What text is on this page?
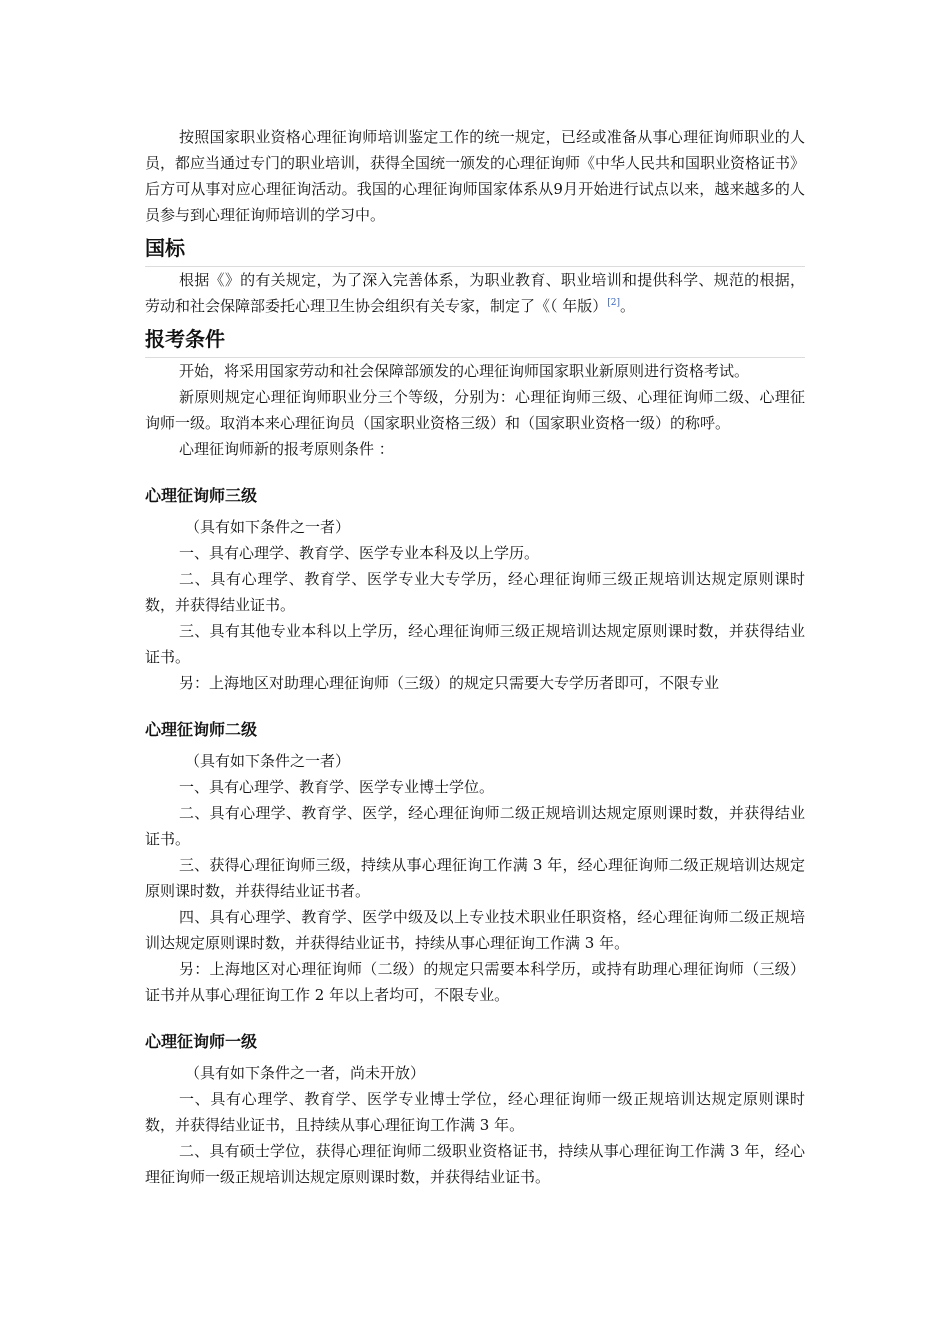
按照国家职业资格心理征询师培训鉴定工作的统一规定，已经或准备从事心理征询师职业的人员，都应当通过专门的职业培训，获得全国统一颁发的心理征询师《中华人民共和国职业资格证书》后方可从事对应心理征询活动。我国的心理征询师国家体系从9月开始进行试点以来，越来越多的人员参与到心理征询师培训的学习中。

国标

根据《》的有关规定，为了深入完善体系，为职业教育、职业培训和提供科学、规范的根据，劳动和社会保障部委托心理卫生协会组织有关专家，制定了《（ 年版）[2]。

报考条件

开始，将采用国家劳动和社会保障部颁发的心理征询师国家职业新原则进行资格考试。

新原则规定心理征询师职业分三个等级，分别为：心理征询师三级、心理征询师二级、心理征询师一级。取消本来心理征询员（国家职业资格三级）和（国家职业资格一级）的称呼。

心理征询师新的报考原则条件 ：

心理征询师三级

（具有如下条件之一者）

一、具有心理学、教育学、医学专业本科及以上学历。

二、具有心理学、教育学、医学专业大专学历，经心理征询师三级正规培训达规定原则课时数，并获得结业证书。

三、具有其他专业本科以上学历，经心理征询师三级正规培训达规定原则课时数，并获得结业证书。

另：上海地区对助理心理征询师（三级）的规定只需要大专学历者即可，不限专业

心理征询师二级

（具有如下条件之一者）

一、具有心理学、教育学、医学专业博士学位。

二、具有心理学、教育学、医学，经心理征询师二级正规培训达规定原则课时数，并获得结业证书。

三、获得心理征询师三级，持续从事心理征询工作满 3 年，经心理征询师二级正规培训达规定原则课时数，并获得结业证书者。

四、具有心理学、教育学、医学中级及以上专业技术职业任职资格，经心理征询师二级正规培训达规定原则课时数，并获得结业证书，持续从事心理征询工作满 3 年。

另：上海地区对心理征询师（二级）的规定只需要本科学历，或持有助理心理征询师（三级）证书并从事心理征询工作 2 年以上者均可，不限专业。

心理征询师一级

（具有如下条件之一者，尚未开放）

一、具有心理学、教育学、医学专业博士学位，经心理征询师一级正规培训达规定原则课时数，并获得结业证书，且持续从事心理征询工作满 3 年。

二、具有硕士学位，获得心理征询师二级职业资格证书，持续从事心理征询工作满 3 年，经心理征询师一级正规培训达规定原则课时数，并获得结业证书。
